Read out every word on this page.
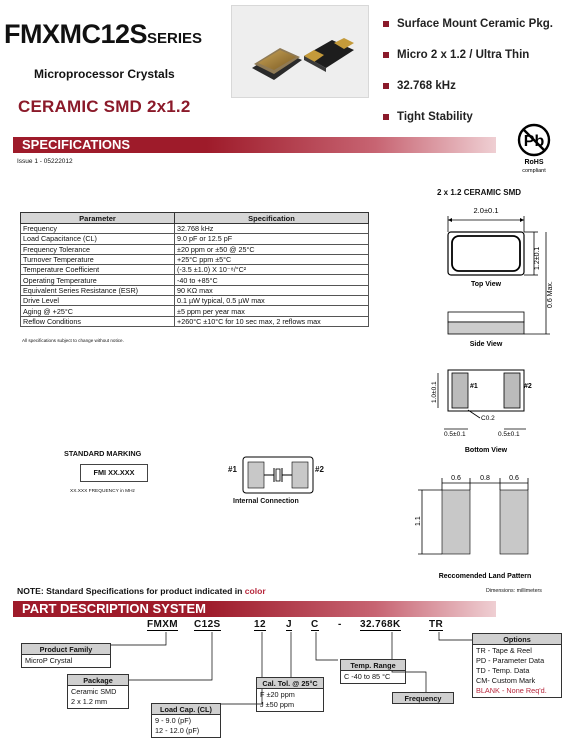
FMXMC12SSERIES
Microprocessor Crystals
CERAMIC SMD 2x1.2
Surface Mount Ceramic Pkg.
Micro 2 x 1.2 / Ultra Thin
32.768 kHz
Tight Stability
SPECIFICATIONS
Issue 1 - 05222012
Pb
RoHS
compliant
2 x 1.2 CERAMIC SMD
Parameter	Specification
Frequency	32.768 kHz
Load Capacitance (CL)	9.0 pF or 12.5 pF
Frequency Tolerance	±20 ppm or ±50 @ 25°C
Turnover Temperature	+25°C ppm ±5°C
Temperature Coefficient	(-3.5 ±1.0) X 10⁻⁸/°C²
Operating Temperature	-40 to +85°C
Equivalent Series Resistance (ESR)	90 KΩ max
Drive Level	0.1 µW typical, 0.5 µW max
Aging @ +25°C	±5 ppm per year max
Reflow Conditions	+260°C ±10°C for 10 sec max, 2 reflows max
All specifications subject to change without notice.
2.0±0.1
1.2±0.1
0.6 Max.
Top View
Side View
#1	#2
1.0±0.1
C0.2
0.5±0.1	0.5±0.1
Bottom View
0.6	0.8	0.6
1.1
Reccomended Land Pattern
STANDARD MARKING
FMI XX.XXX
XX.XXX FREQUENCY in MHz
#1	#2
Internal Connection
NOTE: Standard Specifications for product indicated in color	Dimensions: millimeters
PART DESCRIPTION SYSTEM
FMXM C12S	12 J C - 32.768K	TR
Product Family
MicroP Crystal
Package
Ceramic SMD
2 x 1.2 mm
Load Cap. (CL)
9 - 9.0 (pF)
12 - 12.0 (pF)
Cal. Tol. @ 25°C
F ±20 ppm
J ±50 ppm
Temp. Range
C -40 to 85 °C
Frequency
Options
TR - Tape & Reel
PD - Parameter Data
TD - Temp. Data
CM- Custom Mark
BLANK - None Req'd.
